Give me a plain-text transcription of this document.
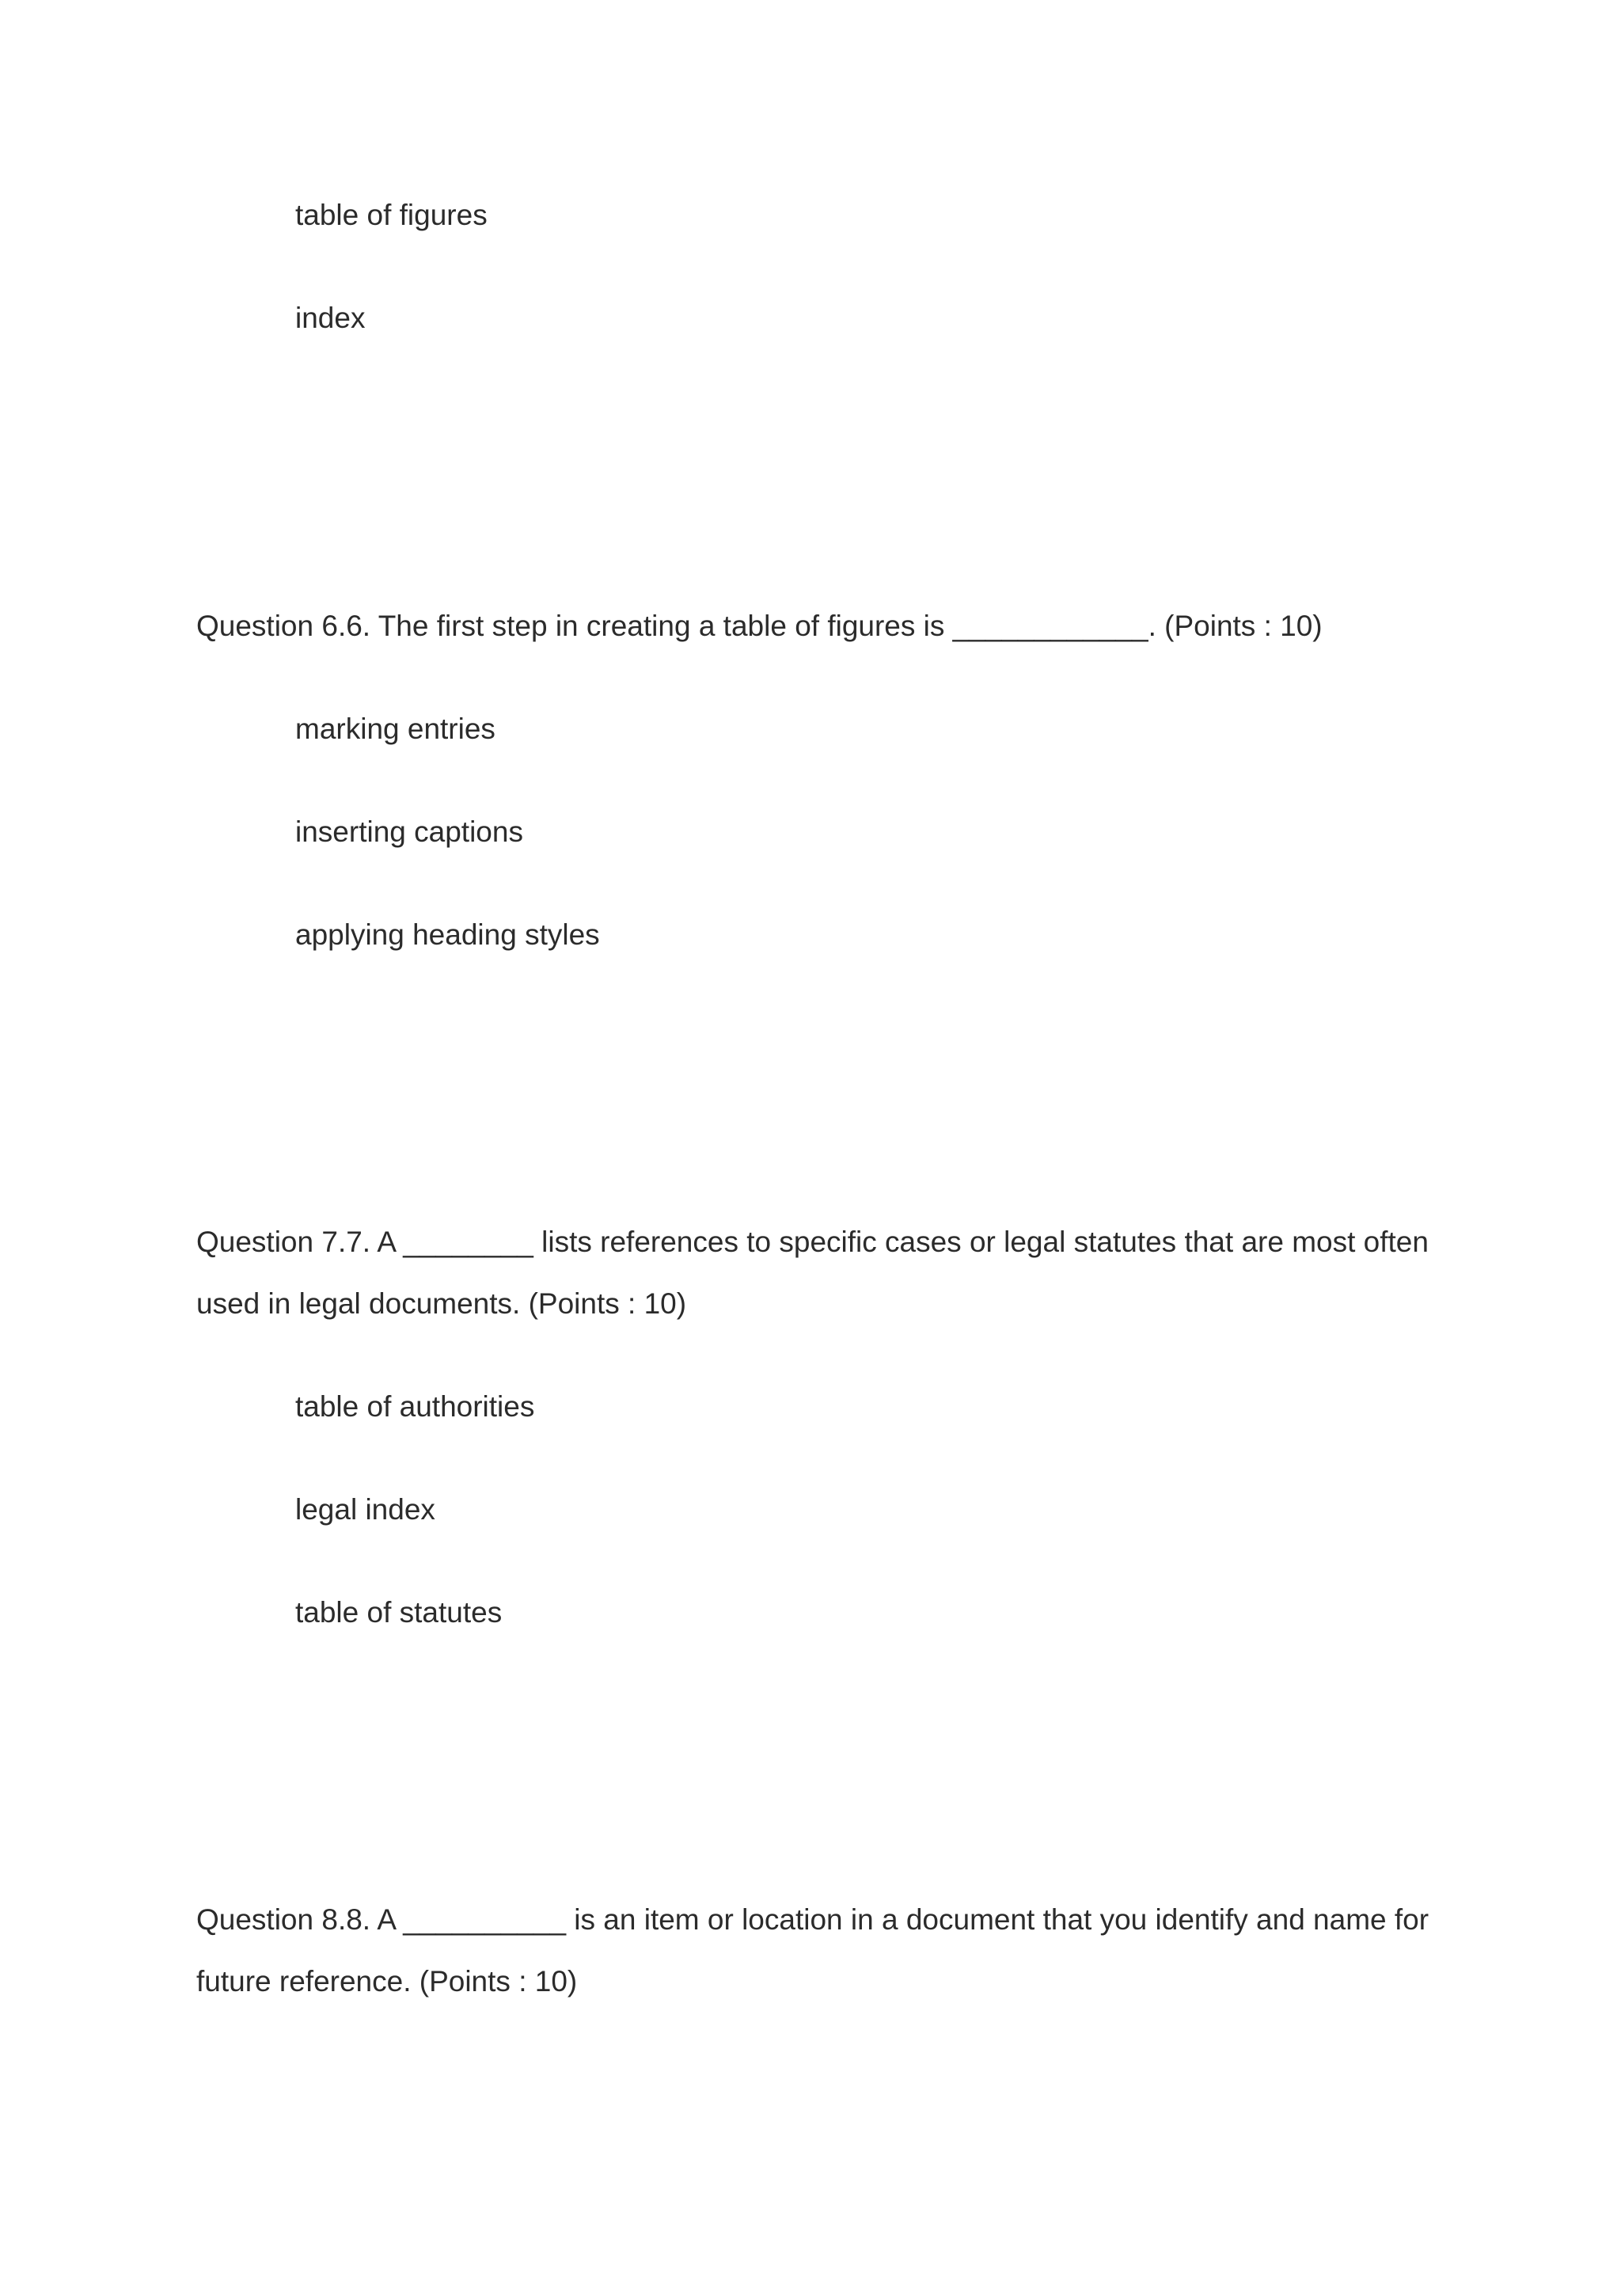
table of figures
index
Question 6.6. The first step in creating a table of figures is ____________. (Points : 10)
marking entries
inserting captions
applying heading styles
Question 7.7. A ________ lists references to specific cases or legal statutes that are most often
used in legal documents. (Points : 10)
table of authorities
legal index
table of statutes
Question 8.8. A __________ is an item or location in a document that you identify and name for
future reference. (Points : 10)
